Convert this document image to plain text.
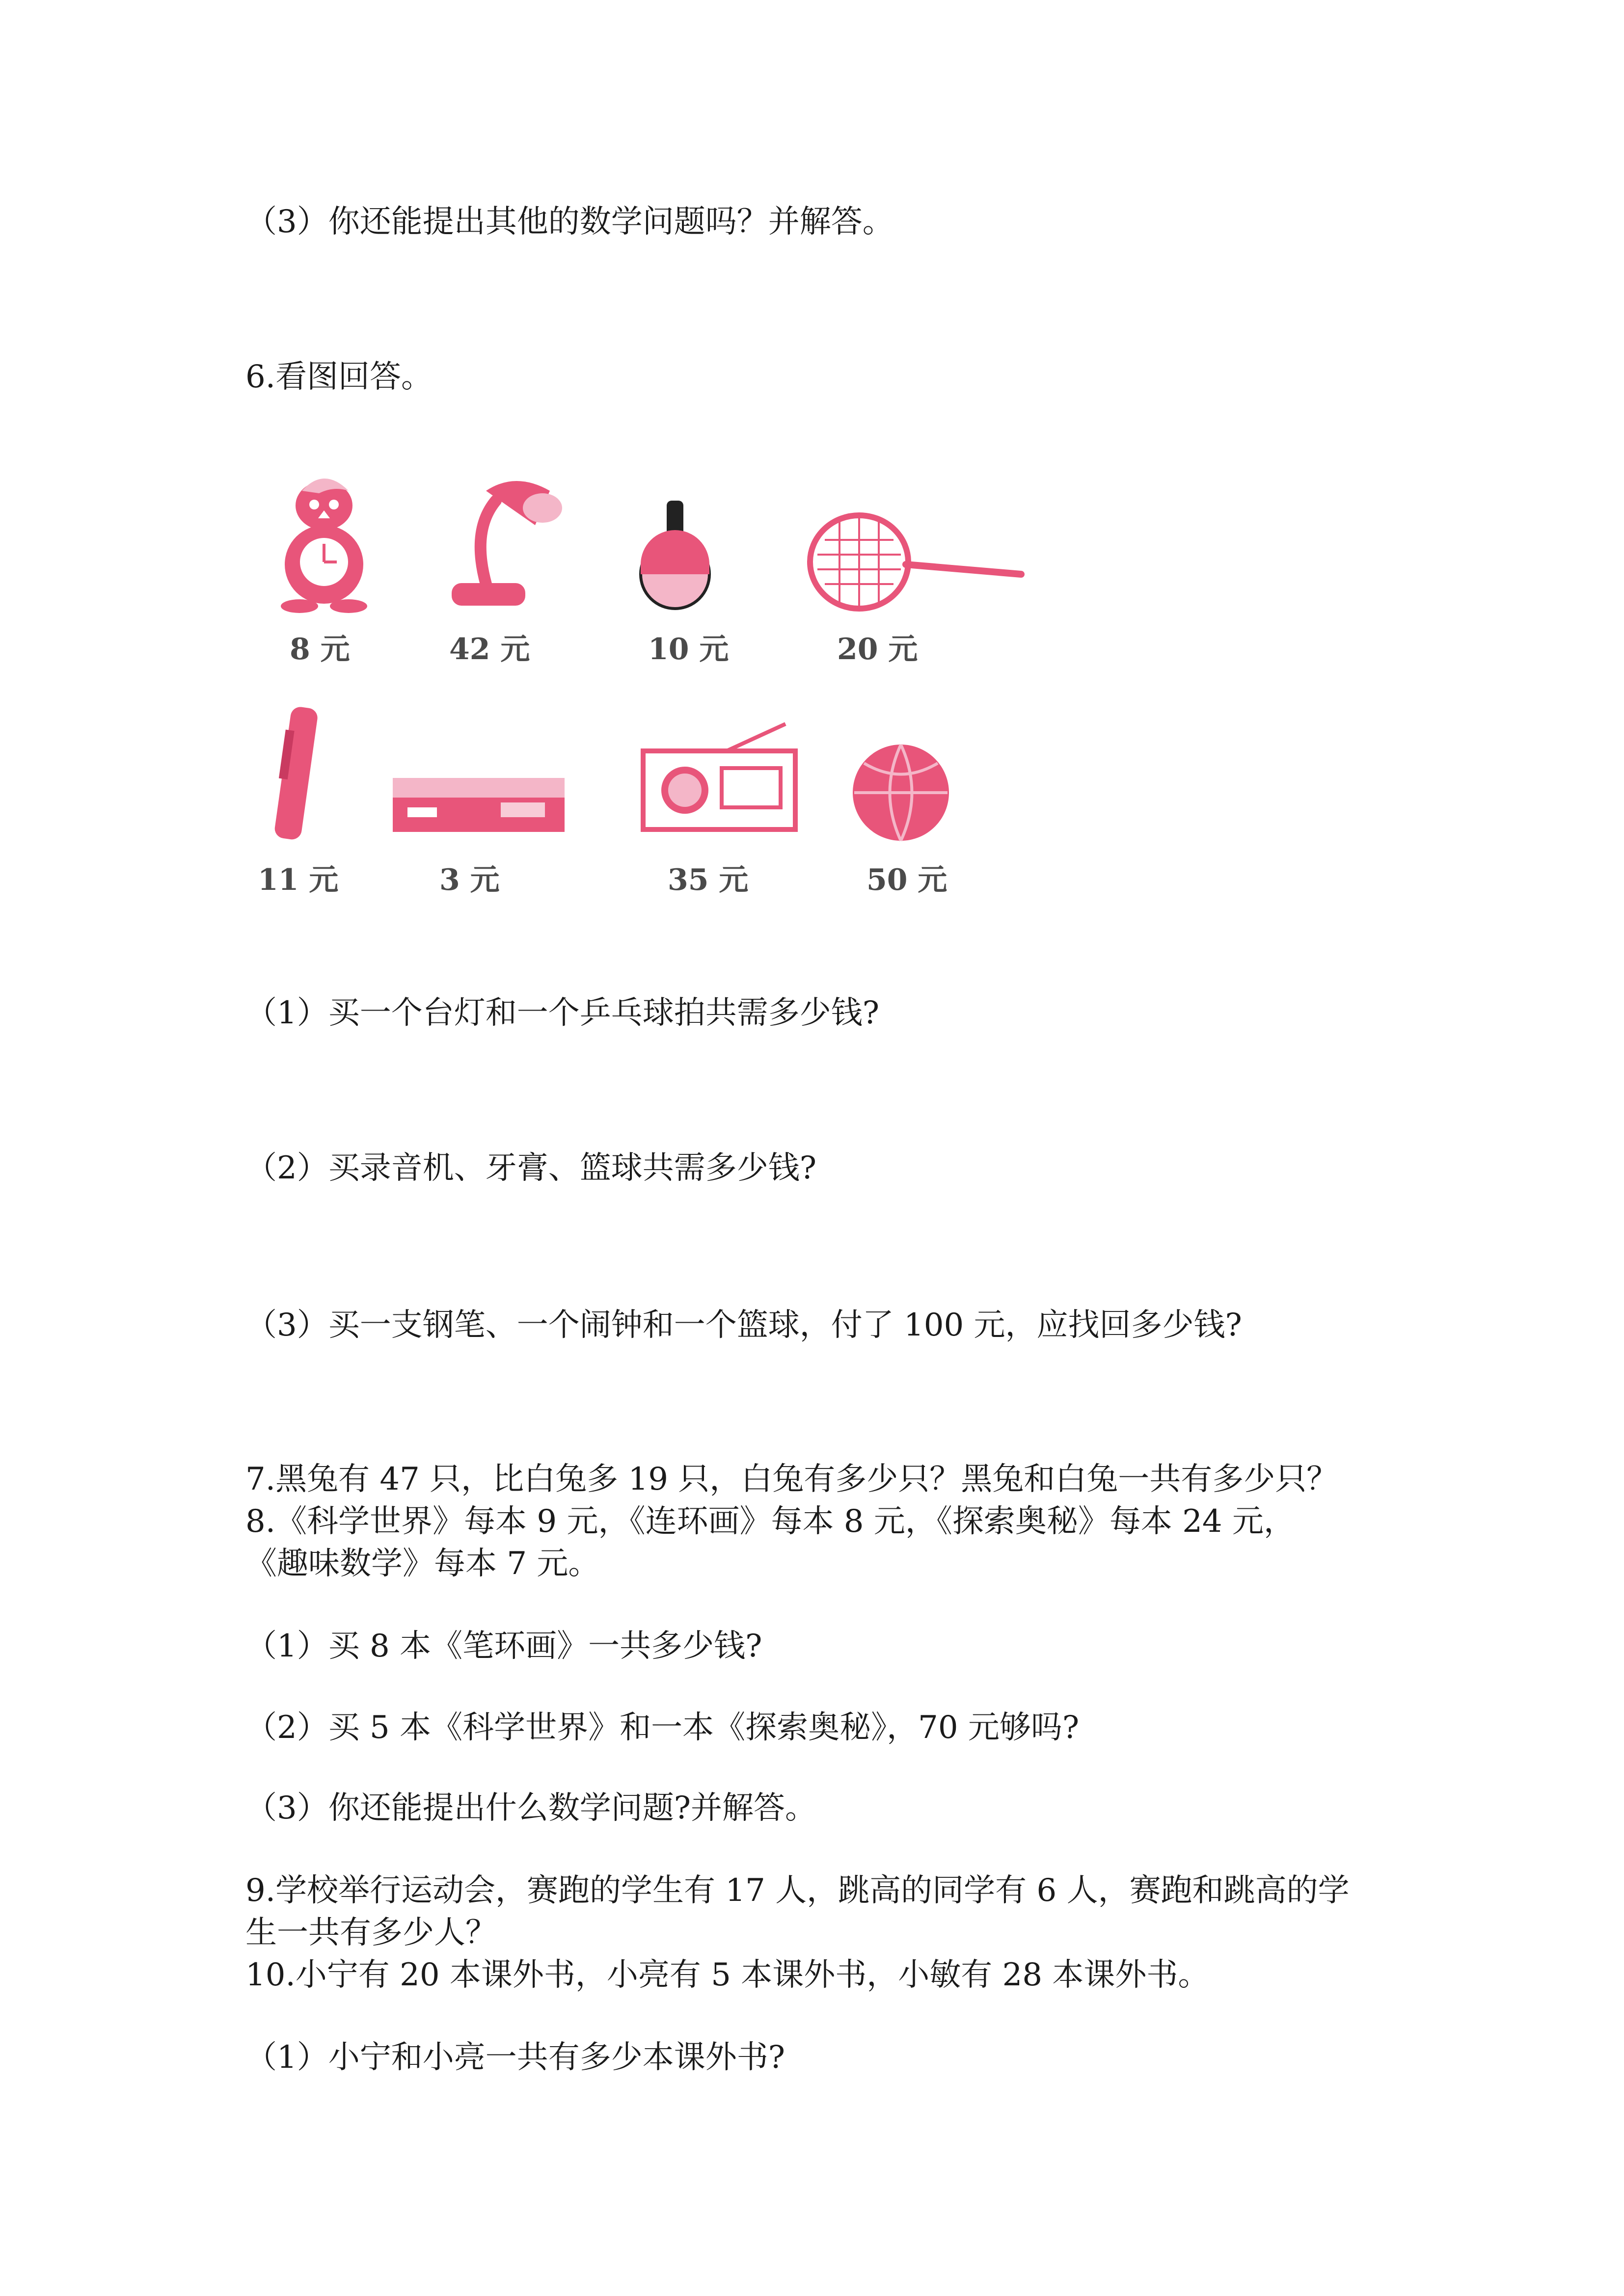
（3）你还能提出其他的数学问题吗？并解答。

6.看图回答。

8 元	42 元	10 元	20 元
11 元	3 元	35 元	50 元

（1）买一个台灯和一个乒乓球拍共需多少钱?

（2）买录音机、牙膏、篮球共需多少钱?

（3）买一支钢笔、一个闹钟和一个篮球，付了 100 元，应找回多少钱?

7.黑兔有 47 只，比白兔多 19 只，白兔有多少只？黑兔和白兔一共有多少只？

8.《科学世界》每本 9 元，《连环画》每本 8 元，《探索奥秘》每本 24 元，

《趣味数学》每本 7 元。

（1）买 8 本《笔环画》一共多少钱?

（2）买 5 本《科学世界》和一本《探索奥秘》，70 元够吗?

（3）你还能提出什么数学问题?并解答。

9.学校举行运动会，赛跑的学生有 17 人，跳高的同学有 6 人，赛跑和跳高的学

生一共有多少人？

10.小宁有 20 本课外书，小亮有 5 本课外书，小敏有 28 本课外书。

（1）小宁和小亮一共有多少本课外书?
